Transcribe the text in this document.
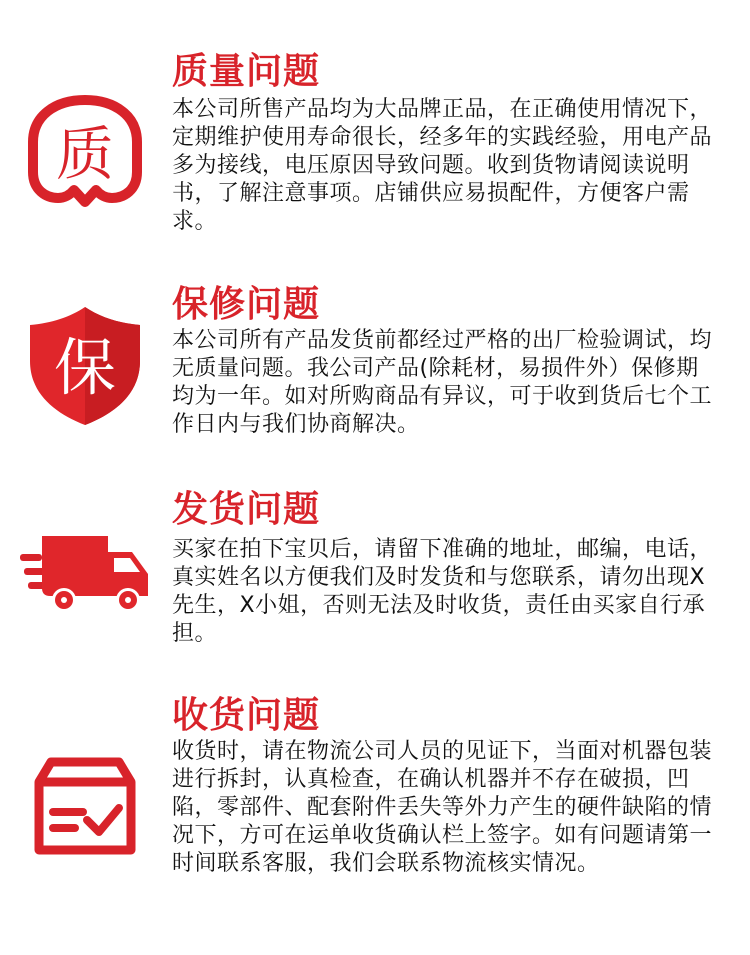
质
质量问题
本公司所售产品均为大品牌正品，在正确使用情况下，定期维护使用寿命很长，经多年的实践经验，用电产品多为接线，电压原因导致问题。收到货物请阅读说明书，了解注意事项。店铺供应易损配件，方便客户需求。
保
保修问题
本公司所有产品发货前都经过严格的出厂检验调试，均无质量问题。我公司产品(除耗材，易损件外）保修期均为一年。如对所购商品有异议，可于收到货后七个工作日内与我们协商解决。
发货问题
买家在拍下宝贝后，请留下准确的地址，邮编，电话，真实姓名以方便我们及时发货和与您联系，请勿出现X先生，X小姐，否则无法及时收货，责任由买家自行承担。
收货问题
收货时，请在物流公司人员的见证下，当面对机器包装进行拆封，认真检查，在确认机器并不存在破损，凹陷，零部件、配套附件丢失等外力产生的硬件缺陷的情况下，方可在运单收货确认栏上签字。如有问题请第一时间联系客服，我们会联系物流核实情况。
